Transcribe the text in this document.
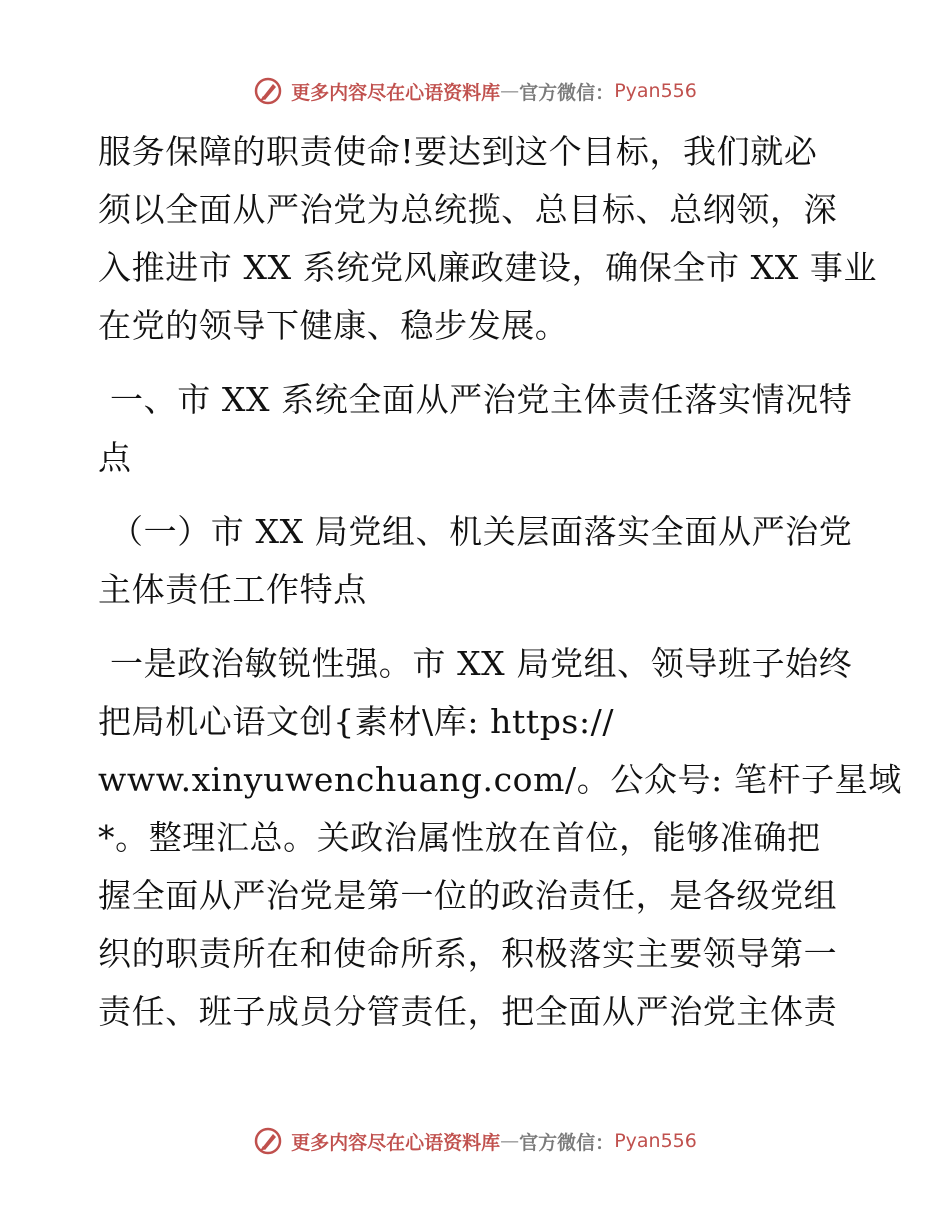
更多内容尽在心语资料库 — 官方微信： Pyan556
服务保障的职责使命!要达到这个目标，我们就必
须以全面从严治党为总统揽、总目标、总纲领，深
入推进市 XX 系统党风廉政建设，确保全市 XX 事业
在党的领导下健康、稳步发展。
一、市 XX 系统全面从严治党主体责任落实情况特
点
（一）市 XX 局党组、机关层面落实全面从严治党
主体责任工作特点
一是政治敏锐性强。市 XX 局党组、领导班子始终
把局机心语文创{素材\库: https://
www.xinyuwenchuang.com/。公众号: 笔杆子星域
*。整理汇总。关政治属性放在首位，能够准确把
握全面从严治党是第一位的政治责任，是各级党组
织的职责所在和使命所系，积极落实主要领导第一
责任、班子成员分管责任，把全面从严治党主体责
更多内容尽在心语资料库 — 官方微信： Pyan556
